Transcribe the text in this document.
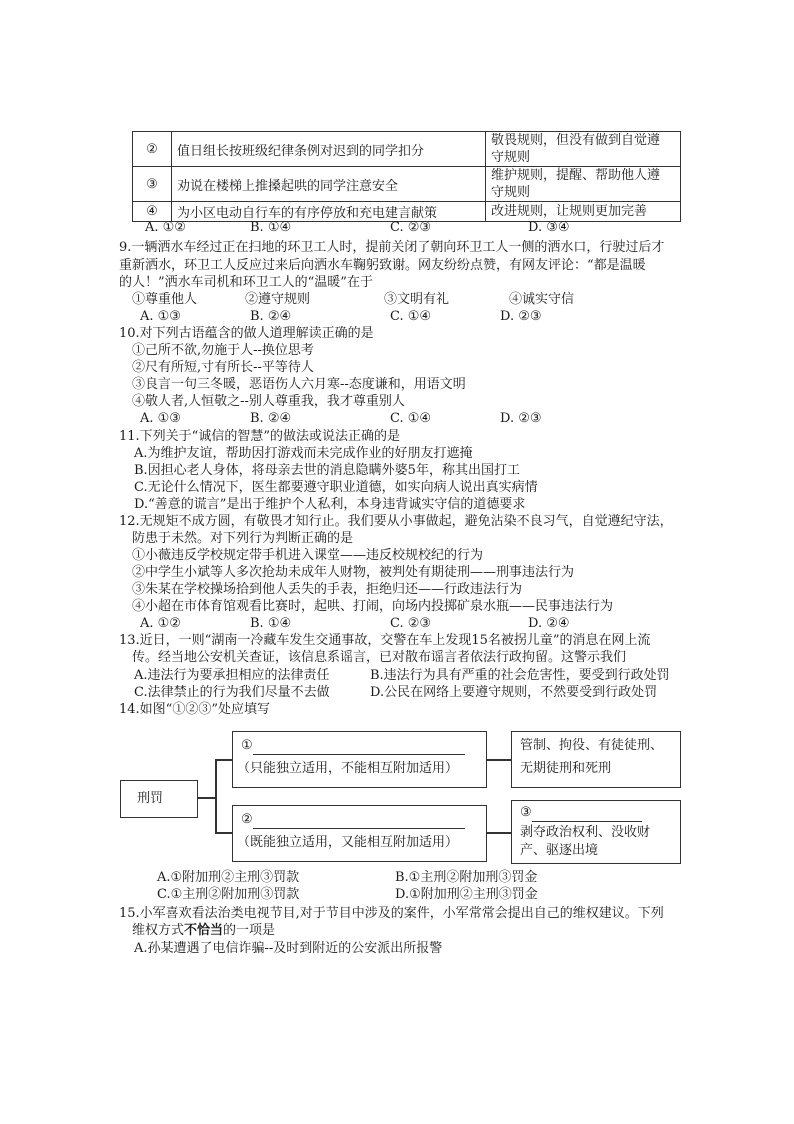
②	值日组长按班级纪律条例对迟到的同学扣分	敬畏规则，但没有做到自觉遵
守规则
③	劝说在楼梯上推搡起哄的同学注意安全	维护规则，提醒、帮助他人遵
守规则
④	为小区电动自行车的有序停放和充电建言献策	改进规则，让规则更加完善
A. ①②	B. ①④	C. ②③	D. ③④
9.一辆洒水车经过正在扫地的环卫工人时，提前关闭了朝向环卫工人一侧的洒水口，行驶过后才
重新洒水，环卫工人反应过来后向洒水车鞠躬致谢。网友纷纷点赞，有网友评论：“都是温暖
的人！”洒水车司机和环卫工人的“温暖”在于
①尊重他人	②遵守规则	③文明有礼	④诚实守信
A. ①③	B. ②④	C. ①④	D. ②③
10.对下列古语蕴含的做人道理解读正确的是
①己所不欲,勿施于人--换位思考
②尺有所短,寸有所长--平等待人
③良言一句三冬暖，恶语伤人六月寒--态度谦和，用语文明
④敬人者,人恒敬之--别人尊重我，我才尊重别人
A. ①③	B. ②④	C. ①④	D. ②③
11.下列关于“诚信的智慧”的做法或说法正确的是
A.为维护友谊，帮助因打游戏而未完成作业的好朋友打遮掩
B.因担心老人身体，将母亲去世的消息隐瞒外婆5年，称其出国打工
C.无论什么情况下，医生都要遵守职业道德，如实向病人说出真实病情
D.“善意的谎言”是出于维护个人私利，本身违背诚实守信的道德要求
12.无规矩不成方圆，有敬畏才知行止。我们要从小事做起，避免沾染不良习气，自觉遵纪守法，
防患于未然。对下列行为判断正确的是
①小薇违反学校规定带手机进入课堂——违反校规校纪的行为
②中学生小斌等人多次抢劫未成年人财物，被判处有期徒刑——刑事违法行为
③朱某在学校操场拾到他人丢失的手表，拒绝归还——行政违法行为
④小超在市体育馆观看比赛时，起哄、打闹，向场内投掷矿泉水瓶——民事违法行为
A. ①②	B. ①④	C. ②③	D. ②④
13.近日，一则“湖南一冷藏车发生交通事故，交警在车上发现15名被拐儿童”的消息在网上流
传。经当地公安机关查证，该信息系谣言，已对散布谣言者依法行政拘留。这警示我们
A.违法行为要承担相应的法律责任	B.违法行为具有严重的社会危害性，要受到行政处罚
C.法律禁止的行为我们尽量不去做	D.公民在网络上要遵守规则，不然要受到行政处罚
14.如图“①②③”处应填写
刑罚
①
（只能独立适用，不能相互附加适用）
②
（既能独立适用，又能相互附加适用）
管制、拘役、有徒徒刑、
无期徒刑和死刑
③
剥夺政治权利、没收财
产、驱逐出境
A.①附加刑②主刑③罚款	B.①主刑②附加刑③罚金
C.①主刑②附加刑③罚款	D.①附加刑②主刑③罚金
15.小军喜欢看法治类电视节目,对于节目中涉及的案件，小军常常会提出自己的维权建议。下列
维权方式不恰当的一项是
A.孙某遭遇了电信诈骗--及时到附近的公安派出所报警
